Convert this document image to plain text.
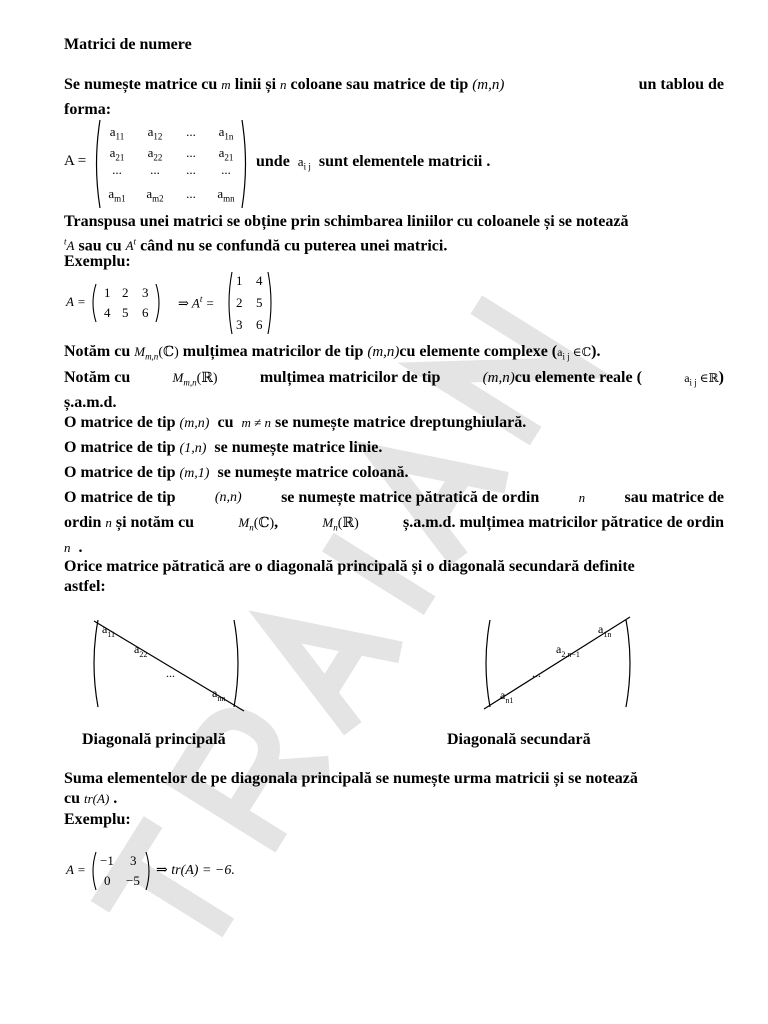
Matrici de numere
Se numește matrice cu m linii și n coloane sau matrice de tip (m,n)	un tablou de
forma:
A =
$a_{11}$	$a_{12}$	...	$a_{1n}$
$a_{21}$	$a_{22}$	...	$a_{21}$
...	...	...	...
$a_{m1}$	$a_{m2}$	...	$a_{mn}$
unde $a_{i j}$ sunt elementele matricii .
Transpusa unei matrici se obține prin schimbarea liniilor cu coloanele și se notează
$^t$A sau cu $A^t$ când nu se confundă cu puterea unei matrici.
Exemplu:
A =
1 2 3
4 5 6
⇒ $A^t$ =
1 4
2 5
3 6
Notăm cu $M_{m,n}(ℂ)$ mulțimea matricilor de tip (m,n)cu elemente complexe ($a_{i j}$ ∈ℂ).
Notăm cu	$M_{m,n}(ℝ)$	mulțimea matricilor de tip	(m,n)cu elemente reale (	$a_{i j}$ ∈ℝ)
ș.a.m.d.
O matrice de tip (m,n) cu m ≠ n se numește matrice dreptunghiulară.
O matrice de tip (1,n) se numește matrice linie.
O matrice de tip (m,1) se numește matrice coloană.
O matrice de tip	(n,n) se numește matrice pătratică de ordin	n sau matrice de
ordin n și notăm cu	$M_n(ℂ)$,	$M_n(ℝ)$	ș.a.m.d. mulțimea matricilor pătratice de ordin
n .
Orice matrice pătratică are o diagonală principală și o diagonală secundară definite
astfel:
$a_{11}$
$a_{22}$
...
$a_{nn}$
$a_{1n}$
$a_{2,n-1}$
...
$a_{n1}$
Diagonală principală	Diagonală secundară
Suma elementelor de pe diagonala principală se numește urma matricii și se notează
cu tr(A) .
Exemplu:
A =
−1 3
0 −5
⇒ tr(A) = −6.
